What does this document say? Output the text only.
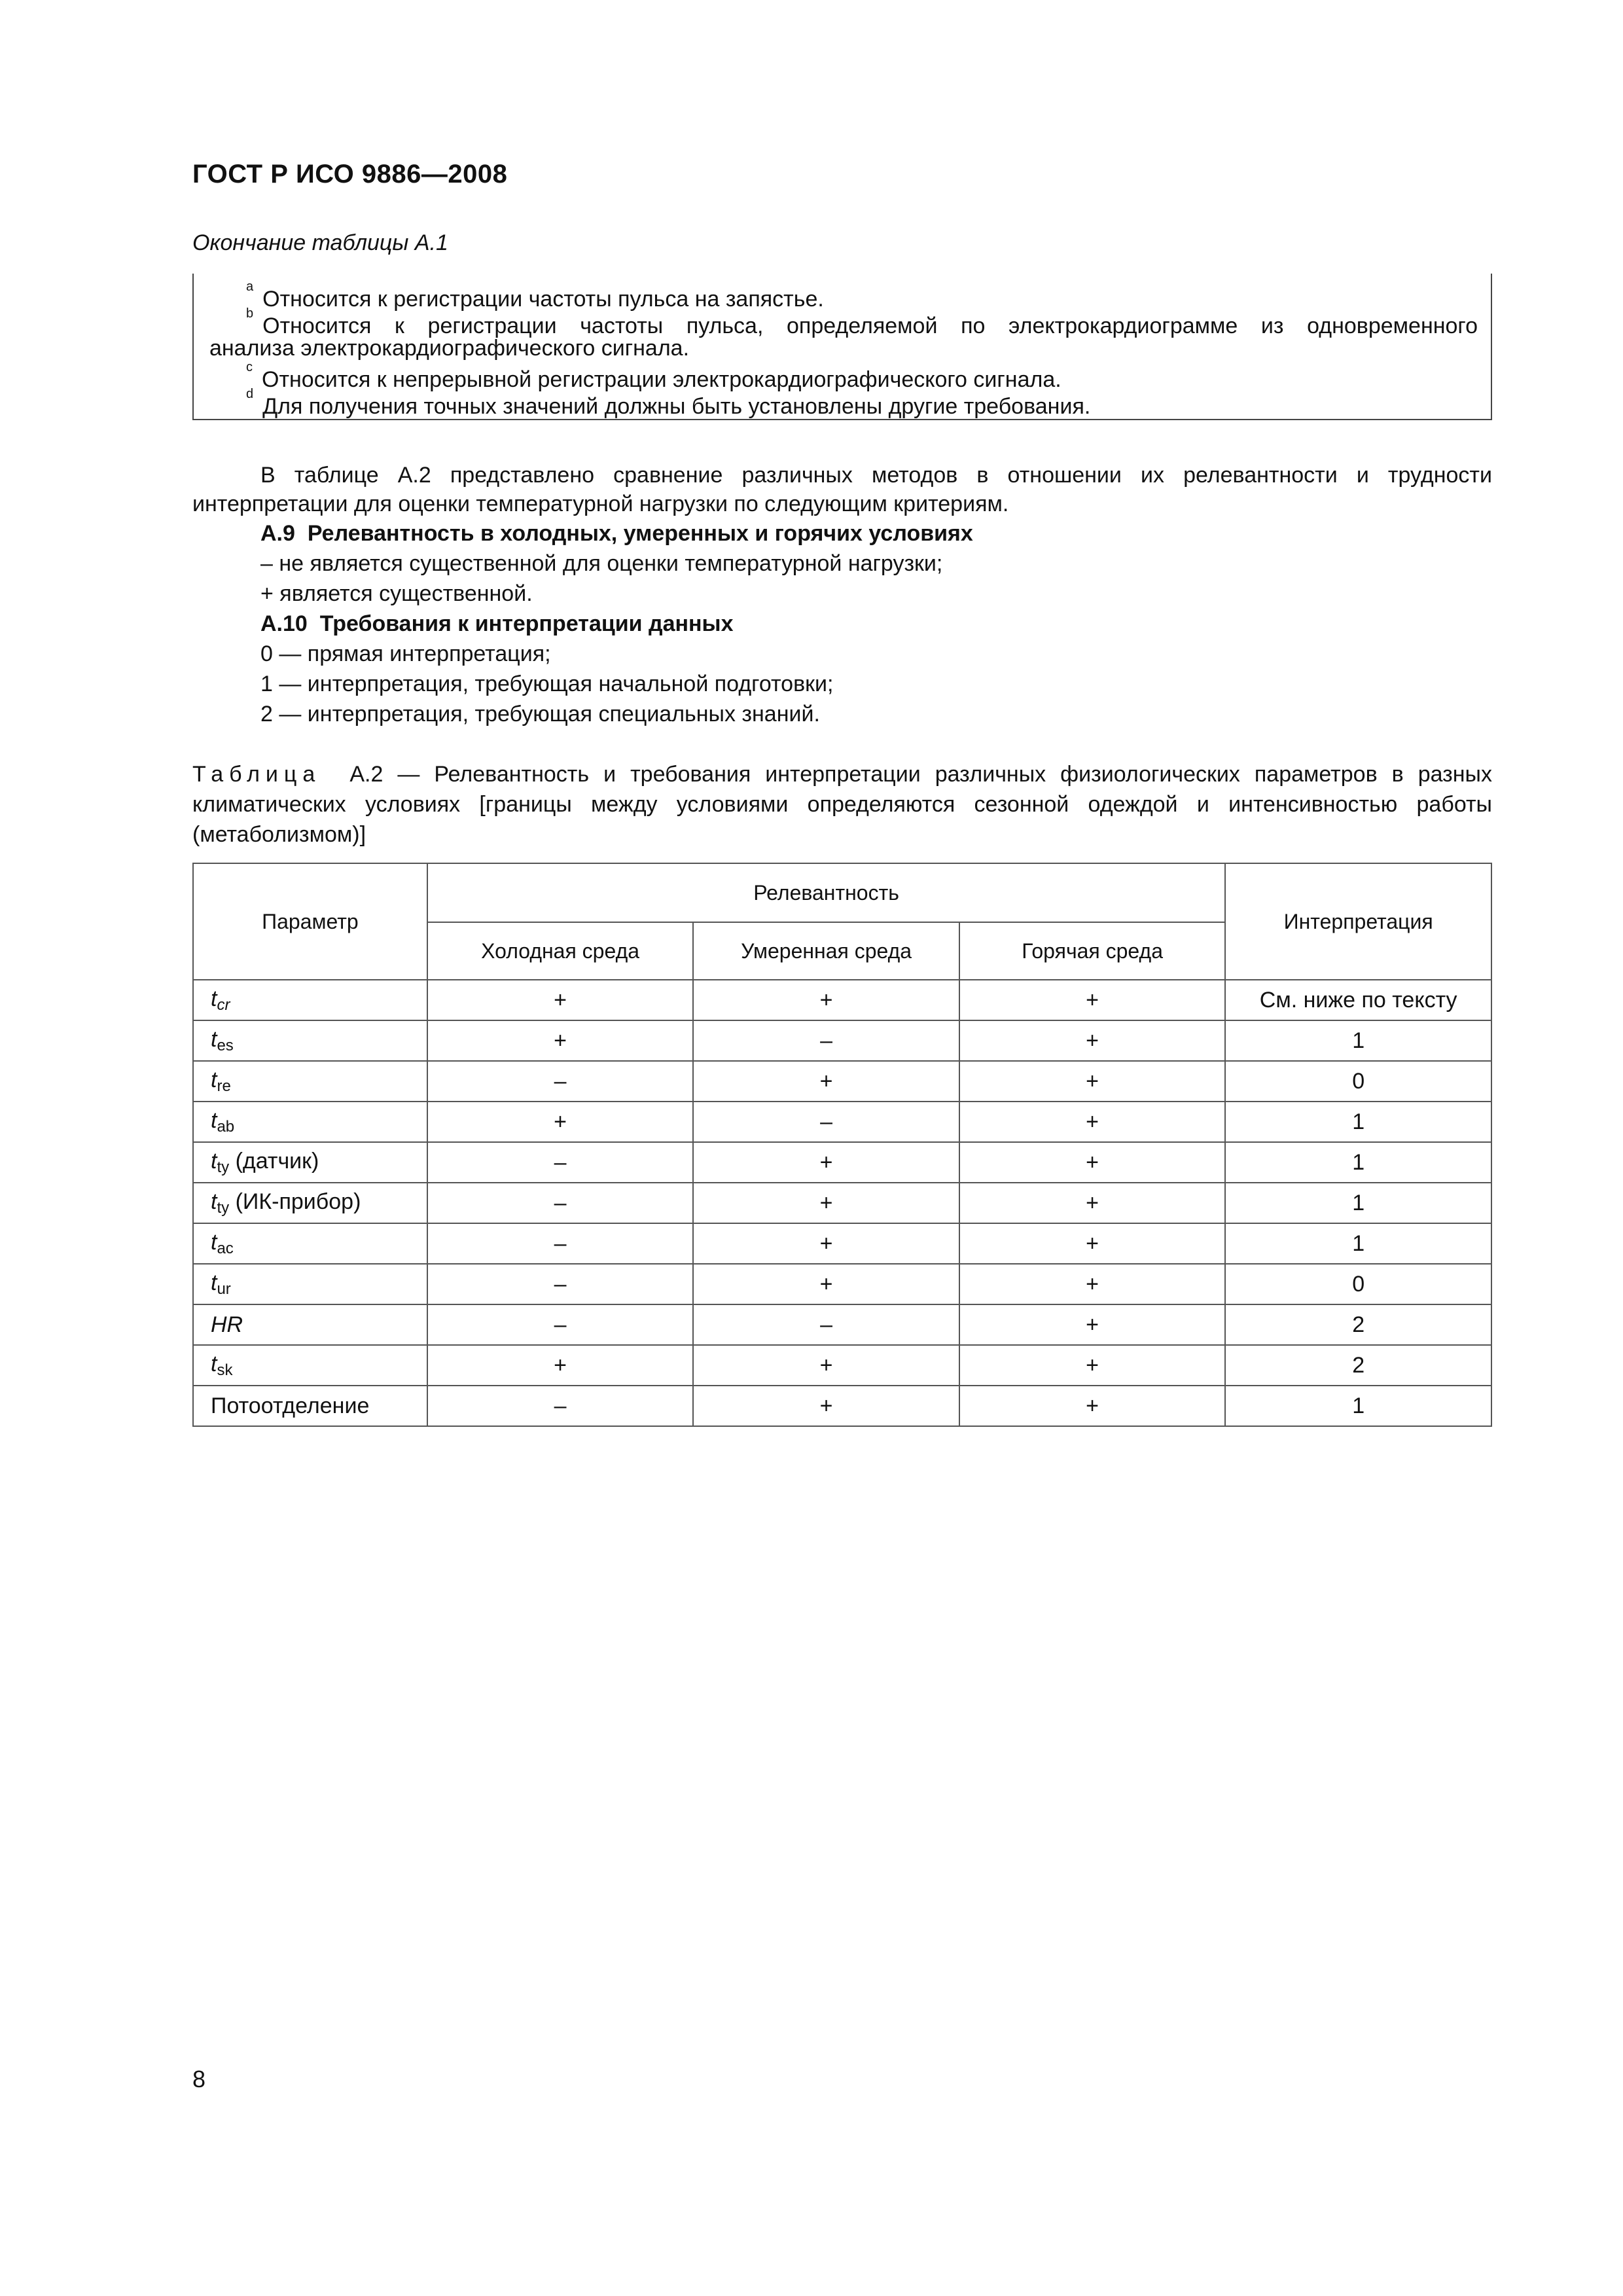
ГОСТ Р ИСО 9886—2008
Окончание таблицы А.1
$^a$Относится к регистрации частоты пульса на запястье.
$^b$Относится к регистрации частоты пульса, определяемой по электрокардиограмме из одновременного
анализа электрокардиографического сигнала.
$^c$Относится к непрерывной регистрации электрокардиографического сигнала.
$^d$Для получения точных значений должны быть установлены другие требования.
В таблице А.2 представлено сравнение различных методов в отношении их релевантности и трудности интерпретации для оценки температурной нагрузки по следующим критериям.
А.9 Релевантность в холодных, умеренных и горячих условиях
– не является существенной для оценки температурной нагрузки;
+ является существенной.
А.10 Требования к интерпретации данных
0 — прямая интерпретация;
1 — интерпретация, требующая начальной подготовки;
2 — интерпретация, требующая специальных знаний.
Таблица А.2 — Релевантность и требования интерпретации различных физиологических параметров в разных климатических условиях [границы между условиями определяются сезонной одеждой и интенсивностью работы (метаболизмом)]
Параметр	Релевантность			Интерпретация
	Холодная среда	Умеренная среда	Горячая среда	
$t_{cr}$	+	+	+	См. ниже по тексту
$t_{es}$	+	–	+	1
$t_{re}$	–	+	+	0
$t_{ab}$	+	–	+	1
$t_{ty}$ (датчик)	–	+	+	1
$t_{ty}$ (ИК-прибор)	–	+	+	1
$t_{ac}$	–	+	+	1
$t_{ur}$	–	+	+	0
HR	–	–	+	2
$t_{sk}$	+	+	+	2
Потоотделение	–	+	+	1
8
